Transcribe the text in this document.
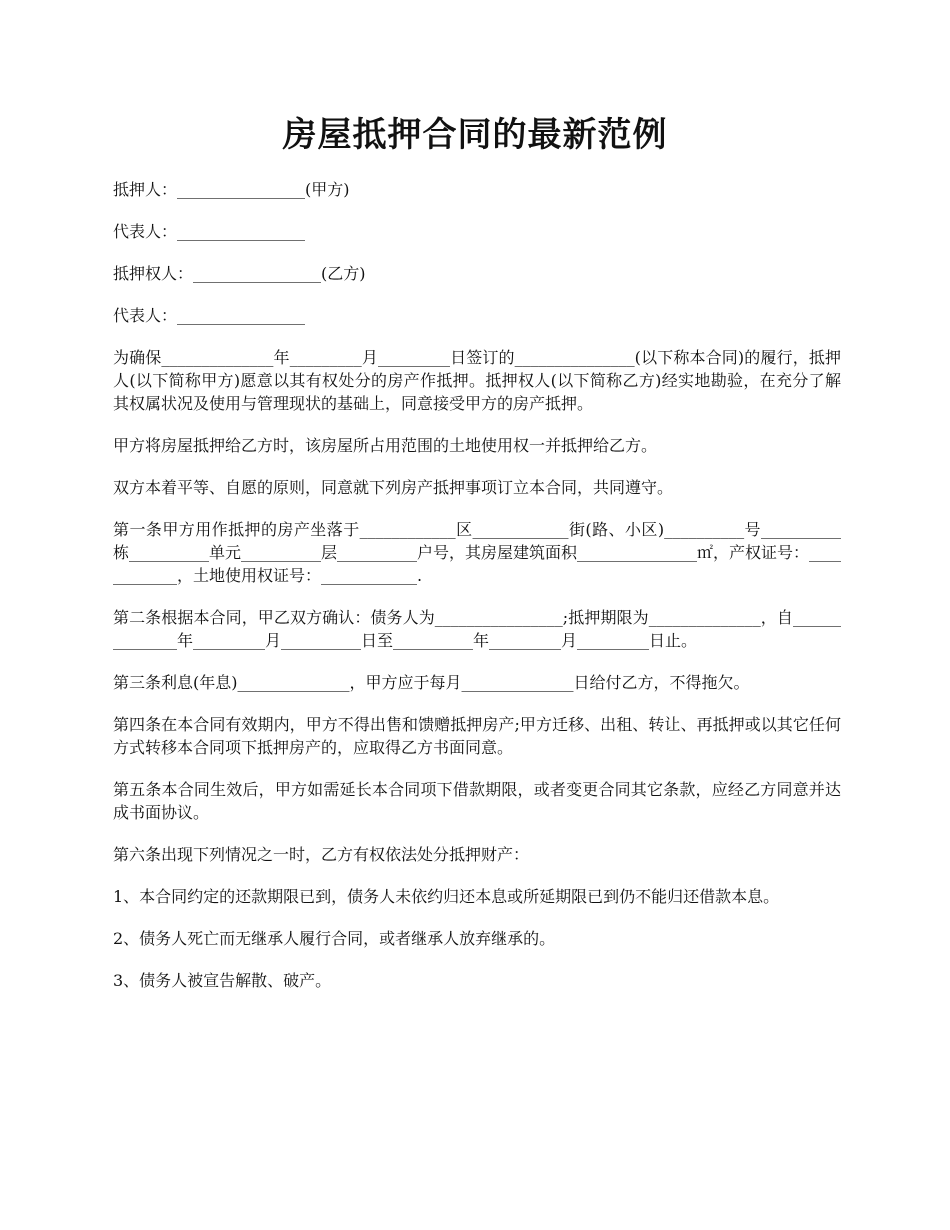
房屋抵押合同的最新范例

抵押人：________________(甲方)

代表人：________________

抵押权人：________________(乙方)

代表人：________________

为确保______________年_________月_________日签订的_______________(以下称本合同)的履行，抵押人(以下简称甲方)愿意以其有权处分的房产作抵押。抵押权人(以下简称乙方)经实地勘验，在充分了解其权属状况及使用与管理现状的基础上，同意接受甲方的房产抵押。

甲方将房屋抵押给乙方时，该房屋所占用范围的土地使用权一并抵押给乙方。

双方本着平等、自愿的原则，同意就下列房产抵押事项订立本合同，共同遵守。

第一条甲方用作抵押的房产坐落于____________区____________街(路、小区)__________号__________栋__________单元__________层__________户号，其房屋建筑面积_______________㎡，产权证号：____________，土地使用权证号：____________.

第二条根据本合同，甲乙双方确认：债务人为________________;抵押期限为______________，自______________年_________月__________日至__________年_________月_________日止。

第三条利息(年息)______________，甲方应于每月______________日给付乙方，不得拖欠。

第四条在本合同有效期内，甲方不得出售和馈赠抵押房产;甲方迁移、出租、转让、再抵押或以其它任何方式转移本合同项下抵押房产的，应取得乙方书面同意。

第五条本合同生效后，甲方如需延长本合同项下借款期限，或者变更合同其它条款，应经乙方同意并达成书面协议。

第六条出现下列情况之一时，乙方有权依法处分抵押财产：

1、本合同约定的还款期限已到，债务人未依约归还本息或所延期限已到仍不能归还借款本息。

2、债务人死亡而无继承人履行合同，或者继承人放弃继承的。

3、债务人被宣告解散、破产。
